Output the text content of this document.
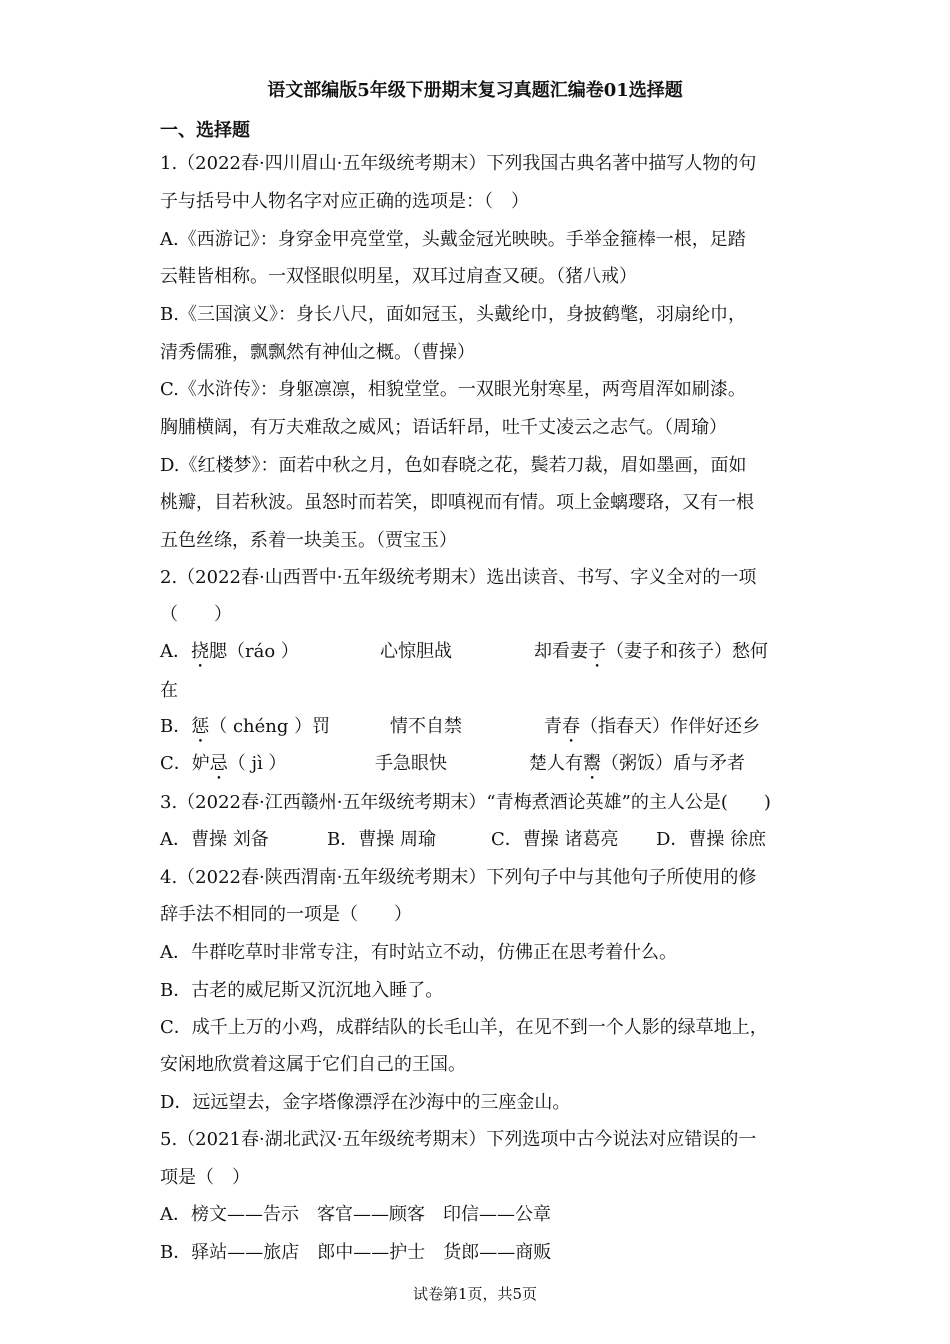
语文部编版5年级下册期末复习真题汇编卷01选择题
一、选择题
1.（2022春·四川眉山·五年级统考期末）下列我国古典名著中描写人物的句
子与括号中人物名字对应正确的选项是：（　）
A.《西游记》：身穿金甲亮堂堂，头戴金冠光映映。手举金箍棒一根，足踏
云鞋皆相称。一双怪眼似明星，双耳过肩查又硬。（猪八戒）
B.《三国演义》：身长八尺，面如冠玉，头戴纶巾，身披鹤氅，羽扇纶巾，
清秀儒雅，飘飘然有神仙之概。（曹操）
C.《水浒传》：身躯凛凛，相貌堂堂。一双眼光射寒星，两弯眉浑如刷漆。
胸脯横阔，有万夫难敌之威风；语话轩昂，吐千丈凌云之志气。（周瑜）
D.《红楼梦》：面若中秋之月，色如春晓之花，鬓若刀裁，眉如墨画，面如
桃瓣，目若秋波。虽怒时而若笑，即嗔视而有情。项上金螭璎珞，又有一根
五色丝绦，系着一块美玉。（贾宝玉）
2.（2022春·山西晋中·五年级统考期末）选出读音、书写、字义全对的一项
（　　）
A．挠腮（ráo ）	心惊胆战	却看妻子（妻子和孩子）愁何
在
B．惩（ chéng ）罚	情不自禁	青春（指春天）作伴好还乡
C．妒忌（ jì ）	手急眼快	楚人有鬻（粥饭）盾与矛者
3.（2022春·江西赣州·五年级统考期末）“青梅煮酒论英雄”的主人公是(　　)
A．曹操 刘备	B．曹操 周瑜	C．曹操 诸葛亮 D．曹操 徐庶
4.（2022春·陕西渭南·五年级统考期末）下列句子中与其他句子所使用的修
辞手法不相同的一项是（　　）
A．牛群吃草时非常专注，有时站立不动，仿佛正在思考着什么。
B．古老的威尼斯又沉沉地入睡了。
C．成千上万的小鸡，成群结队的长毛山羊，在见不到一个人影的绿草地上，
安闲地欣赏着这属于它们自己的王国。
D．远远望去，金字塔像漂浮在沙海中的三座金山。
5.（2021春·湖北武汉·五年级统考期末）下列选项中古今说法对应错误的一
项是（　）
A．榜文——告示　客官——顾客　印信——公章
B．驿站——旅店　郎中——护士　货郎——商贩
试卷第1页，共5页
